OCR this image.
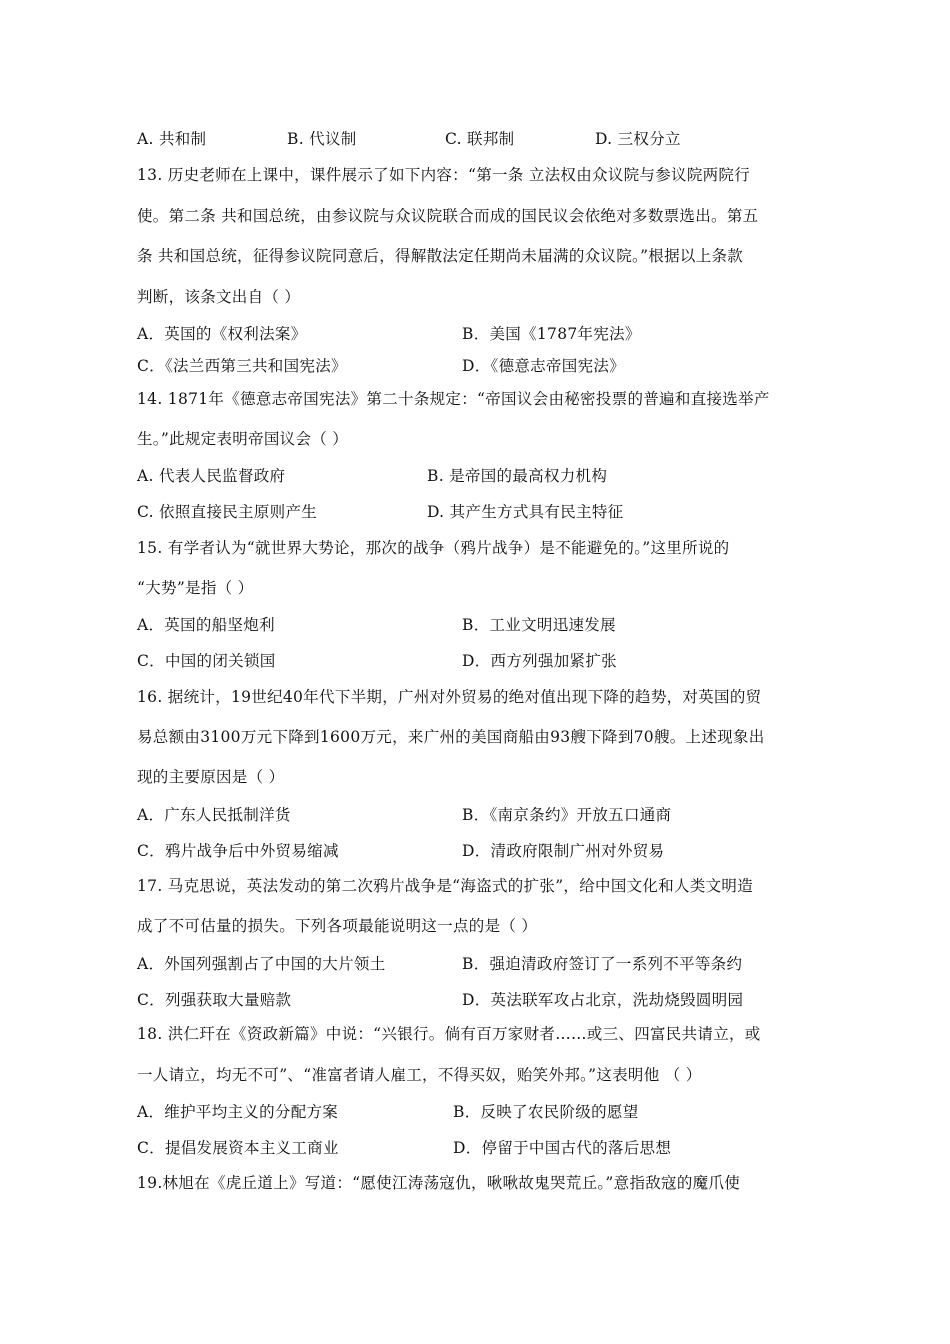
A. 共和制	B. 代议制	C. 联邦制	D. 三权分立
13. 历史老师在上课中，课件展示了如下内容：“第一条 立法权由众议院与参议院两院行
使。第二条 共和国总统，由参议院与众议院联合而成的国民议会依绝对多数票选出。第五
条 共和国总统，征得参议院同意后，得解散法定任期尚未届满的众议院。”根据以上条款
判断，该条文出自（ ）
A．英国的《权利法案》	B．美国《1787年宪法》
C．《法兰西第三共和国宪法》	D．《德意志帝国宪法》
14. 1871年《德意志帝国宪法》第二十条规定：“帝国议会由秘密投票的普遍和直接选举产
生。”此规定表明帝国议会（ ）
A. 代表人民监督政府	B. 是帝国的最高权力机构
C. 依照直接民主原则产生	D. 其产生方式具有民主特征
15. 有学者认为“就世界大势论，那次的战争（鸦片战争）是不能避免的。”这里所说的
“大势”是指（ ）
A．英国的船坚炮利	B．工业文明迅速发展
C．中国的闭关锁国	D．西方列强加紧扩张
16. 据统计，19世纪40年代下半期，广州对外贸易的绝对值出现下降的趋势，对英国的贸
易总额由3100万元下降到1600万元，来广州的美国商船由93艘下降到70艘。上述现象出
现的主要原因是（ ）
A．广东人民抵制洋货	B．《南京条约》开放五口通商
C．鸦片战争后中外贸易缩减	D．清政府限制广州对外贸易
17. 马克思说，英法发动的第二次鸦片战争是“海盗式的扩张”，给中国文化和人类文明造
成了不可估量的损失。下列各项最能说明这一点的是（ ）
A．外国列强割占了中国的大片领土	B．强迫清政府签订了一系列不平等条约
C．列强获取大量赔款	D．英法联军攻占北京，洗劫烧毁圆明园
18. 洪仁玕在《资政新篇》中说：“兴银行。倘有百万家财者……或三、四富民共请立，或
一人请立，均无不可”、“准富者请人雇工，不得买奴，贻笑外邦。”这表明他 （ ）
A．维护平均主义的分配方案	B．反映了农民阶级的愿望
C．提倡发展资本主义工商业	D．停留于中国古代的落后思想
19.林旭在《虎丘道上》写道：“愿使江涛荡寇仇，啾啾故鬼哭荒丘。”意指敌寇的魔爪使
